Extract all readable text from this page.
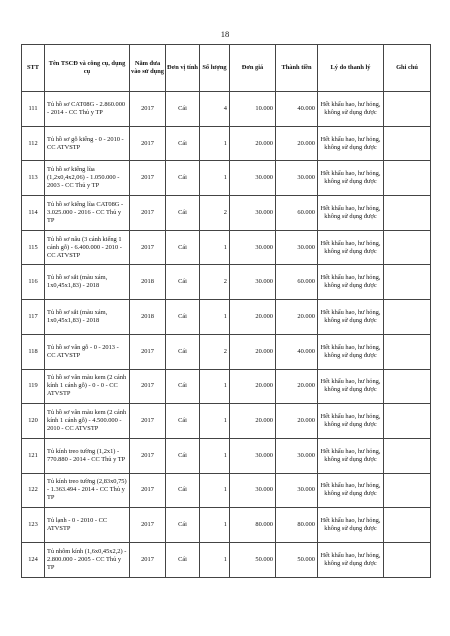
18
STT	Tên TSCĐ và công cụ, dụng cụ	Năm đưa vào sử dụng	Đơn vị tính	Số lượng	Đơn giá	Thành tiền	Lý do thanh lý	Ghi chú
111	Tủ hồ sơ CAT08G - 2.860.000 - 2014 - CC Thủ y TP	2017	Cái	4	10.000	40.000	Hết khấu hao, hư hỏng, không sử dụng được	
112	Tủ hồ sơ gỗ kiếng - 0 - 2010 - CC ATVSTP	2017	Cái	1	20.000	20.000	Hết khấu hao, hư hỏng, không sử dụng được	
113	Tủ hồ sơ kiếng lùa (1,2x0,4x2,06) - 1.050.000 - 2003 - CC Thủ y TP	2017	Cái	1	30.000	30.000	Hết khấu hao, hư hỏng, không sử dụng được	
114	Tủ hồ sơ kiếng lùa CAT08G - 3.025.000 - 2016 - CC Thủ y TP	2017	Cái	2	30.000	60.000	Hết khấu hao, hư hỏng, không sử dụng được	
115	Tủ hồ sơ nâu (3 cánh kiếng 1 cánh gỗ) - 6.400.000 - 2010 - CC ATVSTP	2017	Cái	1	30.000	30.000	Hết khấu hao, hư hỏng, không sử dụng được	
116	Tủ hồ sơ sắt (màu xám, 1x0,45x1,83) - 2018	2018	Cái	2	30.000	60.000	Hết khấu hao, hư hỏng, không sử dụng được	
117	Tủ hồ sơ sắt (màu xám, 1x0,45x1,83) - 2018	2018	Cái	1	20.000	20.000	Hết khấu hao, hư hỏng, không sử dụng được	
118	Tủ hồ sơ vân gỗ - 0 - 2013 - CC ATVSTP	2017	Cái	2	20.000	40.000	Hết khấu hao, hư hỏng, không sử dụng được	
119	Tủ hồ sơ vân màu kem (2 cánh kính 1 cánh gỗ) - 0 - 0 - CC ATVSTP	2017	Cái	1	20.000	20.000	Hết khấu hao, hư hỏng, không sử dụng được	
120	Tủ hồ sơ vân màu kem (2 cánh kính 1 cánh gỗ) - 4.500.000 - 2010 - CC ATVSTP	2017	Cái	1	20.000	20.000	Hết khấu hao, hư hỏng, không sử dụng được	
121	Tủ kính treo tường (1,2x1) - 770.880 - 2014 - CC Thủ y TP	2017	Cái	1	30.000	30.000	Hết khấu hao, hư hỏng, không sử dụng được	
122	Tủ kính treo tường (2,83x0,75) - 1.363.494 - 2014 - CC Thủ y TP	2017	Cái	1	30.000	30.000	Hết khấu hao, hư hỏng, không sử dụng được	
123	Tủ lạnh - 0 - 2010 - CC ATVSTP	2017	Cái	1	80.000	80.000	Hết khấu hao, hư hỏng, không sử dụng được	
124	Tủ nhôm kính (1,6x0,45x2,2) - 2.800.000 - 2005 - CC Thủ y TP	2017	Cái	1	50.000	50.000	Hết khấu hao, hư hỏng, không sử dụng được	
